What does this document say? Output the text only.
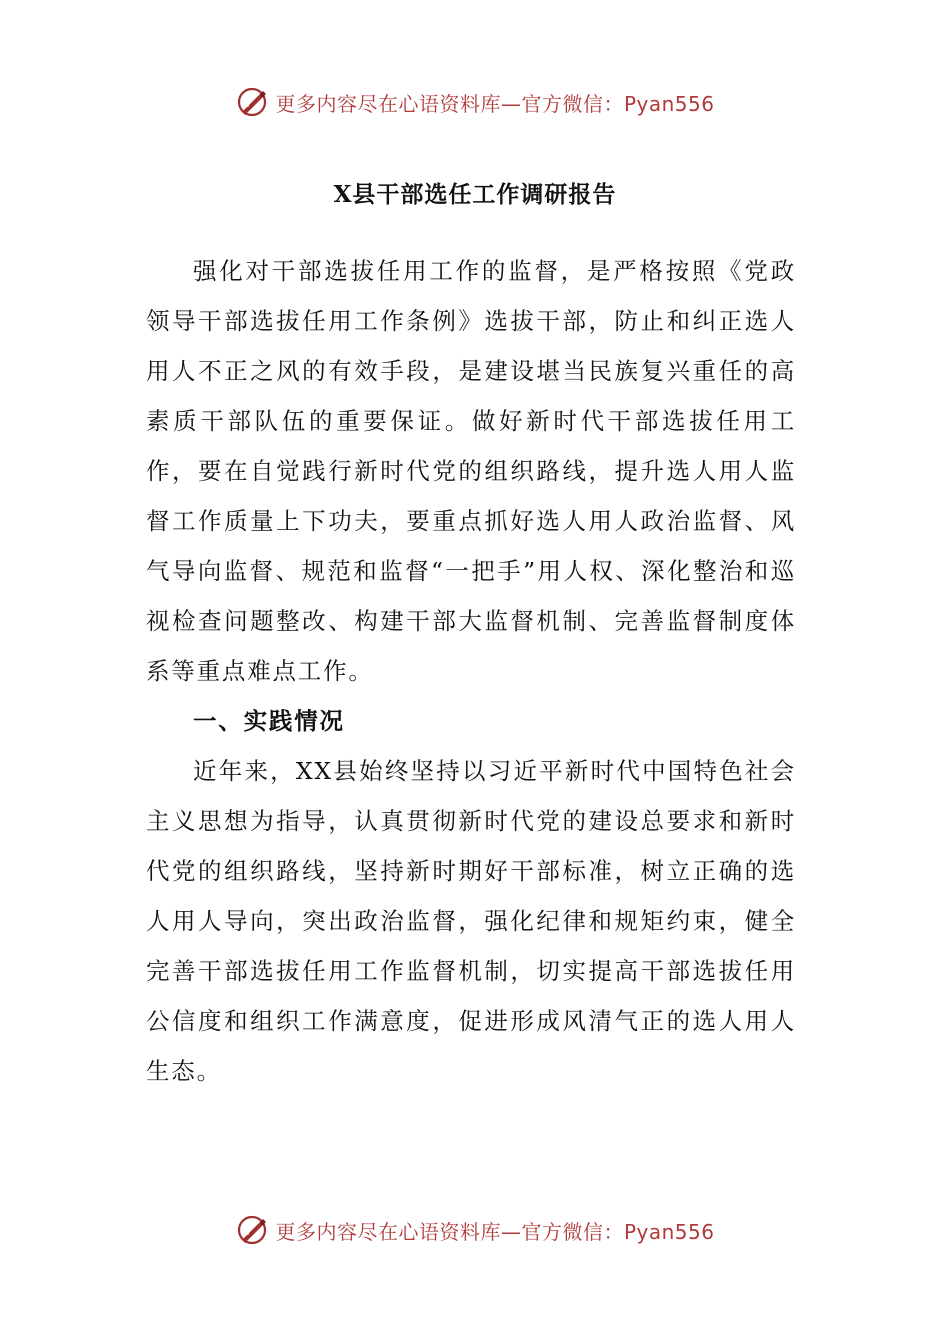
更多内容尽在心语资料库—官方微信：Pyan556
X县干部选任工作调研报告

强化对干部选拔任用工作的监督，是严格按照《党政领导干部选拔任用工作条例》选拔干部，防止和纠正选人用人不正之风的有效手段，是建设堪当民族复兴重任的高素质干部队伍的重要保证。做好新时代干部选拔任用工作，要在自觉践行新时代党的组织路线，提升选人用人监督工作质量上下功夫，要重点抓好选人用人政治监督、风气导向监督、规范和监督“一把手”用人权、深化整治和巡视检查问题整改、构建干部大监督机制、完善监督制度体系等重点难点工作。

一、实践情况

近年来，XX县始终坚持以习近平新时代中国特色社会主义思想为指导，认真贯彻新时代党的建设总要求和新时代党的组织路线，坚持新时期好干部标准，树立正确的选人用人导向，突出政治监督，强化纪律和规矩约束，健全完善干部选拔任用工作监督机制，切实提高干部选拔任用公信度和组织工作满意度，促进形成风清气正的选人用人生态。

更多内容尽在心语资料库—官方微信：Pyan556
